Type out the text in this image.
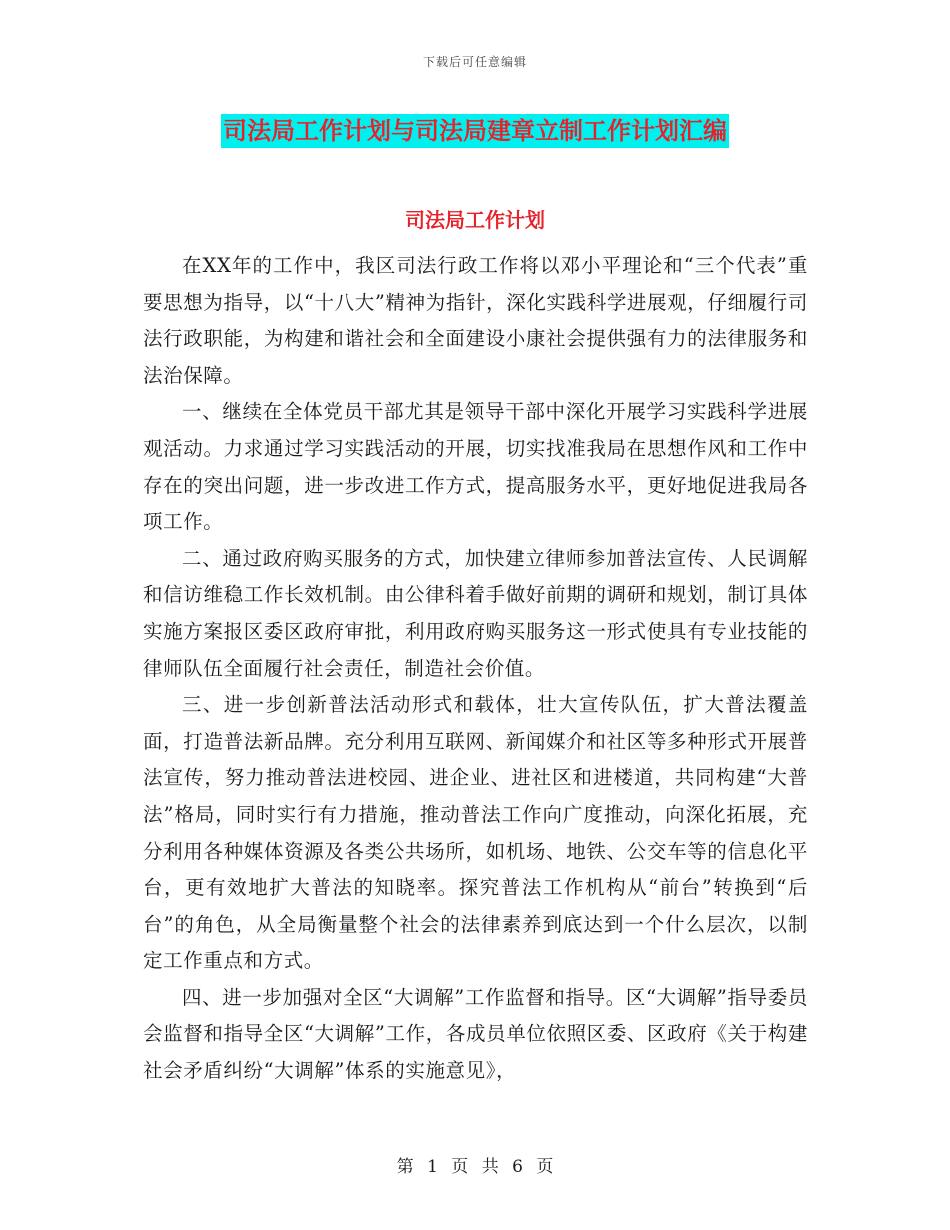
下载后可任意编辑
司法局工作计划与司法局建章立制工作计划汇编
司法局工作计划

在XX年的工作中，我区司法行政工作将以邓小平理论和“三个代表”重要思想为指导，以“十八大”精神为指针，深化实践科学进展观，仔细履行司法行政职能，为构建和谐社会和全面建设小康社会提供强有力的法律服务和法治保障。

一、继续在全体党员干部尤其是领导干部中深化开展学习实践科学进展观活动。力求通过学习实践活动的开展，切实找准我局在思想作风和工作中存在的突出问题，进一步改进工作方式，提高服务水平，更好地促进我局各项工作。

二、通过政府购买服务的方式，加快建立律师参加普法宣传、人民调解和信访维稳工作长效机制。由公律科着手做好前期的调研和规划，制订具体实施方案报区委区政府审批，利用政府购买服务这一形式使具有专业技能的律师队伍全面履行社会责任，制造社会价值。

三、进一步创新普法活动形式和载体，壮大宣传队伍，扩大普法覆盖面，打造普法新品牌。充分利用互联网、新闻媒介和社区等多种形式开展普法宣传，努力推动普法进校园、进企业、进社区和进楼道，共同构建“大普法”格局，同时实行有力措施，推动普法工作向广度推动，向深化拓展，充分利用各种媒体资源及各类公共场所，如机场、地铁、公交车等的信息化平台，更有效地扩大普法的知晓率。探究普法工作机构从“前台”转换到“后台”的角色，从全局衡量整个社会的法律素养到底达到一个什么层次，以制定工作重点和方式。

四、进一步加强对全区“大调解”工作监督和指导。区“大调解”指导委员会监督和指导全区“大调解”工作，各成员单位依照区委、区政府《关于构建社会矛盾纠纷“大调解”体系的实施意见》，

第 1 页 共 6 页
